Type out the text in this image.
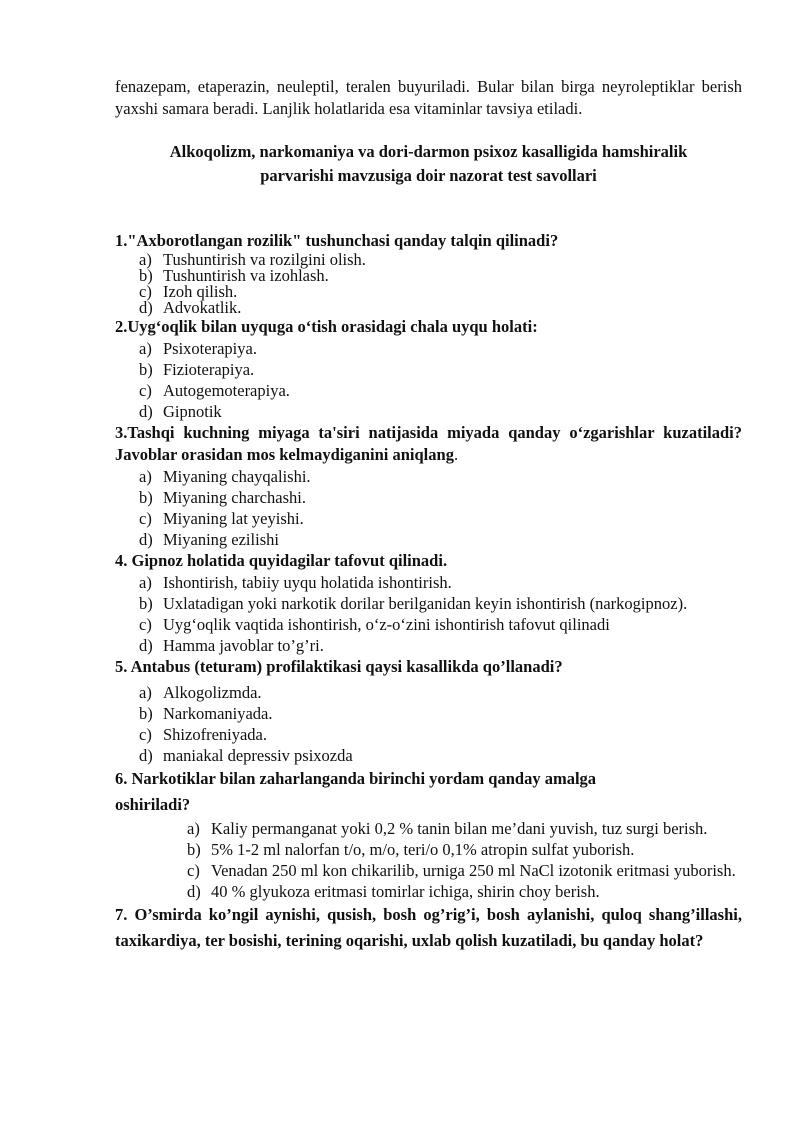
fenazepam, etaperazin, neuleptil, teralen buyuriladi. Bular bilan birga neyroleptiklar berish yaxshi samara beradi. Lanjlik holatlarida esa vitaminlar tavsiya etiladi.

Alkoqolizm, narkomaniya va dori-darmon psixoz kasalligida hamshiralik
parvarishi mavzusiga doir nazorat test savollari

1."Axborotlangan rozilik" tushunchasi qanday talqin qilinadi?

a) Tushuntirish va rozilgini olish.
b) Tushuntirish va izohlash.
c) Izoh qilish.
d) Advokatlik.

2.Uyg‘oqlik bilan uyquga o‘tish orasidagi chala uyqu holati:

a) Psixoterapiya.
b) Fizioterapiya.
c) Autogemoterapiya.
d) Gipnotik

3.Tashqi kuchning miyaga ta'siri natijasida miyada qanday o‘zgarishlar kuzatiladi? Javoblar orasidan mos kelmaydiganini aniqlang.

a) Miyaning chayqalishi.
b) Miyaning charchashi.
c) Miyaning lat yeyishi.
d) Miyaning ezilishi

4. Gipnoz holatida quyidagilar tafovut qilinadi.

a) Ishontirish, tabiiy uyqu holatida ishontirish.
b) Uxlatadigan yoki narkotik dorilar berilganidan keyin ishontirish (narkogipnoz).
c) Uyg‘oqlik vaqtida ishontirish, o‘z-o‘zini ishontirish tafovut qilinadi
d) Hamma javoblar to’g’ri.

5. Antabus (teturam) profilaktikasi qaysi kasallikda qo’llanadi?

a) Alkogolizmda.
b) Narkomaniyada.
c) Shizofreniyada.
d) maniakal depressiv psixozda

6. Narkotiklar bilan zaharlanganda birinchi yordam qanday amalga oshiriladi?

a) Kaliy permanganat yoki 0,2 % tanin bilan me’dani yuvish, tuz surgi berish.
b) 5% 1-2 ml nalorfan t/o, m/o, teri/o 0,1% atropin sulfat yuborish.
c) Venadan 250 ml kon chikarilib, urniga 250 ml NaCl izotonik eritmasi yuborish.
d) 40 % glyukoza eritmasi tomirlar ichiga, shirin choy berish.

7. O’smirda ko’ngil aynishi, qusish, bosh og’rig’i, bosh aylanishi, quloq shang’illashi, taxikardiya, ter bosishi, terining oqarishi, uxlab qolish kuzatiladi, bu qanday holat?
